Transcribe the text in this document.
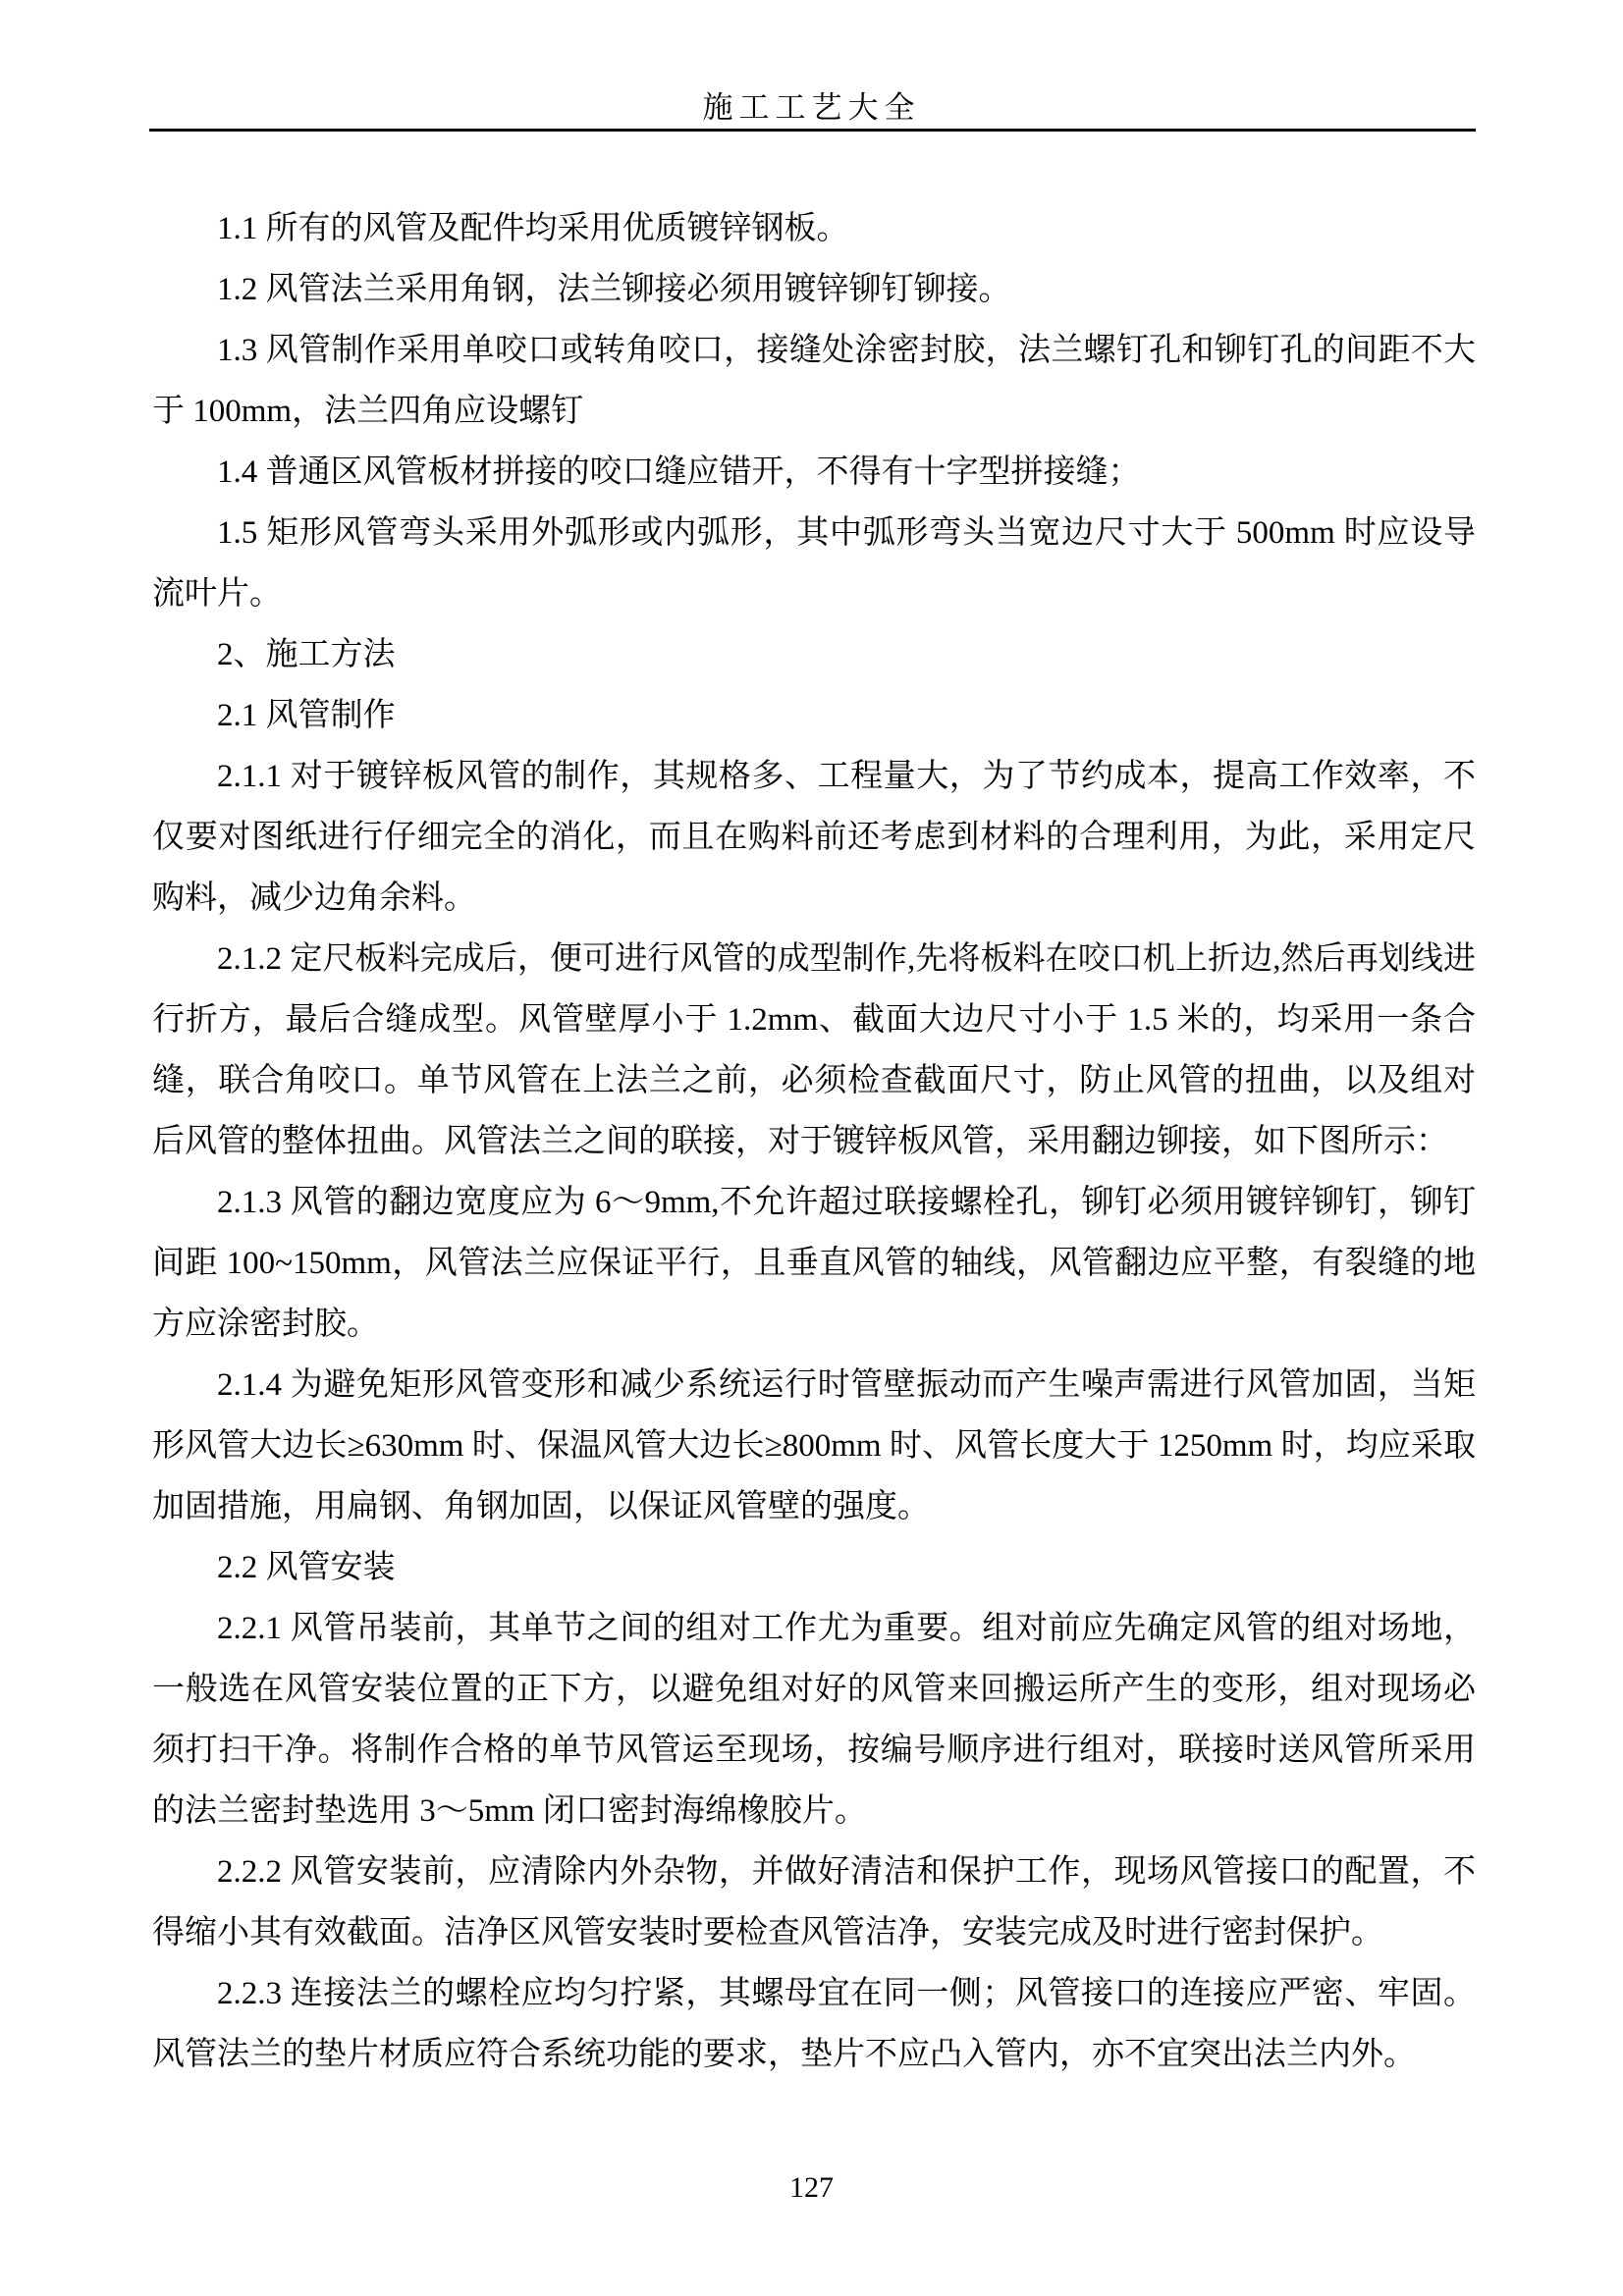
施工工艺大全

1.1 所有的风管及配件均采用优质镀锌钢板。

1.2 风管法兰采用角钢，法兰铆接必须用镀锌铆钉铆接。

1.3 风管制作采用单咬口或转角咬口，接缝处涂密封胶，法兰螺钉孔和铆钉孔的间距不大于 100mm，法兰四角应设螺钉

1.4 普通区风管板材拼接的咬口缝应错开，不得有十字型拼接缝；

1.5 矩形风管弯头采用外弧形或内弧形，其中弧形弯头当宽边尺寸大于 500mm 时应设导流叶片。

2、施工方法

2.1 风管制作

2.1.1 对于镀锌板风管的制作，其规格多、工程量大，为了节约成本，提高工作效率，不仅要对图纸进行仔细完全的消化，而且在购料前还考虑到材料的合理利用，为此，采用定尺购料，减少边角余料。

2.1.2 定尺板料完成后，便可进行风管的成型制作,先将板料在咬口机上折边,然后再划线进行折方，最后合缝成型。风管壁厚小于 1.2mm、截面大边尺寸小于 1.5 米的，均采用一条合缝，联合角咬口。单节风管在上法兰之前，必须检查截面尺寸，防止风管的扭曲，以及组对后风管的整体扭曲。风管法兰之间的联接，对于镀锌板风管，采用翻边铆接，如下图所示：

2.1.3 风管的翻边宽度应为 6～9mm,不允许超过联接螺栓孔，铆钉必须用镀锌铆钉，铆钉间距 100~150mm，风管法兰应保证平行，且垂直风管的轴线，风管翻边应平整，有裂缝的地方应涂密封胶。

2.1.4 为避免矩形风管变形和减少系统运行时管壁振动而产生噪声需进行风管加固，当矩形风管大边长≥630mm 时、保温风管大边长≥800mm 时、风管长度大于 1250mm 时，均应采取加固措施，用扁钢、角钢加固，以保证风管壁的强度。

2.2 风管安装

2.2.1 风管吊装前，其单节之间的组对工作尤为重要。组对前应先确定风管的组对场地，一般选在风管安装位置的正下方，以避免组对好的风管来回搬运所产生的变形，组对现场必须打扫干净。将制作合格的单节风管运至现场，按编号顺序进行组对，联接时送风管所采用的法兰密封垫选用 3～5mm 闭口密封海绵橡胶片。

2.2.2 风管安装前，应清除内外杂物，并做好清洁和保护工作，现场风管接口的配置，不得缩小其有效截面。洁净区风管安装时要检查风管洁净，安装完成及时进行密封保护。

2.2.3 连接法兰的螺栓应均匀拧紧，其螺母宜在同一侧；风管接口的连接应严密、牢固。风管法兰的垫片材质应符合系统功能的要求，垫片不应凸入管内，亦不宜突出法兰内外。

127
